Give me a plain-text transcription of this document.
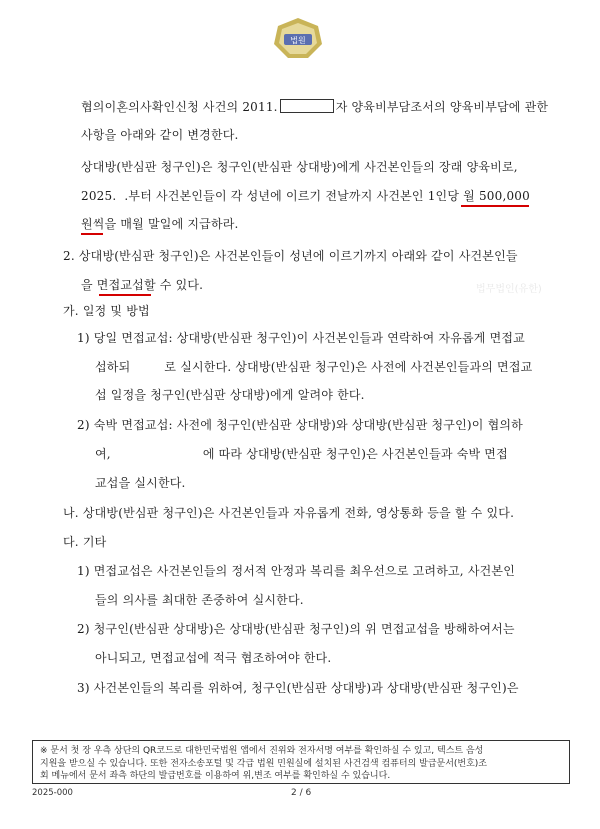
법원
법무법인(유한)
협의이혼의사확인신청 사건의 2011.	자 양육비부담조서의 양육비부담에 관한
사항을 아래와 같이 변경한다.
상대방(반심판 청구인)은 청구인(반심판 상대방)에게 사건본인들의 장래 양육비로,
2025.  .부터 사건본인들이 각 성년에 이르기 전날까지 사건본인 1인당 월 500,000
원씩을 매월 말일에 지급하라.
2. 상대방(반심판 청구인)은 사건본인들이 성년에 이르기까지 아래와 같이 사건본인들
을 면접교섭할 수 있다.
가. 일정 및 방법
1) 당일 면접교섭: 상대방(반심판 청구인)이 사건본인들과 연락하여 자유롭게 면접교
섭하되	로 실시한다. 상대방(반심판 청구인)은 사전에 사건본인들과의 면접교
섭 일정을 청구인(반심판 상대방)에게 알려야 한다.
2) 숙박 면접교섭: 사전에 청구인(반심판 상대방)와 상대방(반심판 청구인)이 협의하
여,	에 따라 상대방(반심판 청구인)은 사건본인들과 숙박 면접
교섭을 실시한다.
나. 상대방(반심판 청구인)은 사건본인들과 자유롭게 전화, 영상통화 등을 할 수 있다.
다. 기타
1) 면접교섭은 사건본인들의 정서적 안정과 복리를 최우선으로 고려하고, 사건본인
들의 의사를 최대한 존중하여 실시한다.
2) 청구인(반심판 상대방)은 상대방(반심판 청구인)의 위 면접교섭을 방해하여서는
아니되고, 면접교섭에 적극 협조하여야 한다.
3) 사건본인들의 복리를 위하여, 청구인(반심판 상대방)과 상대방(반심판 청구인)은
※ 문서 첫 장 우측 상단의 QR코드로 대한민국법원 앱에서 진위와 전자서명 여부를 확인하실 수 있고, 텍스트 음성
지원을 받으실 수 있습니다. 또한 전자소송포털 및 각급 법원 민원실에 설치된 사건검색 컴퓨터의 발급문서(번호)조
회 메뉴에서 문서 좌측 하단의 발급번호를 이용하여 위,변조 여부를 확인하실 수 있습니다.
2025-000	2 / 6
